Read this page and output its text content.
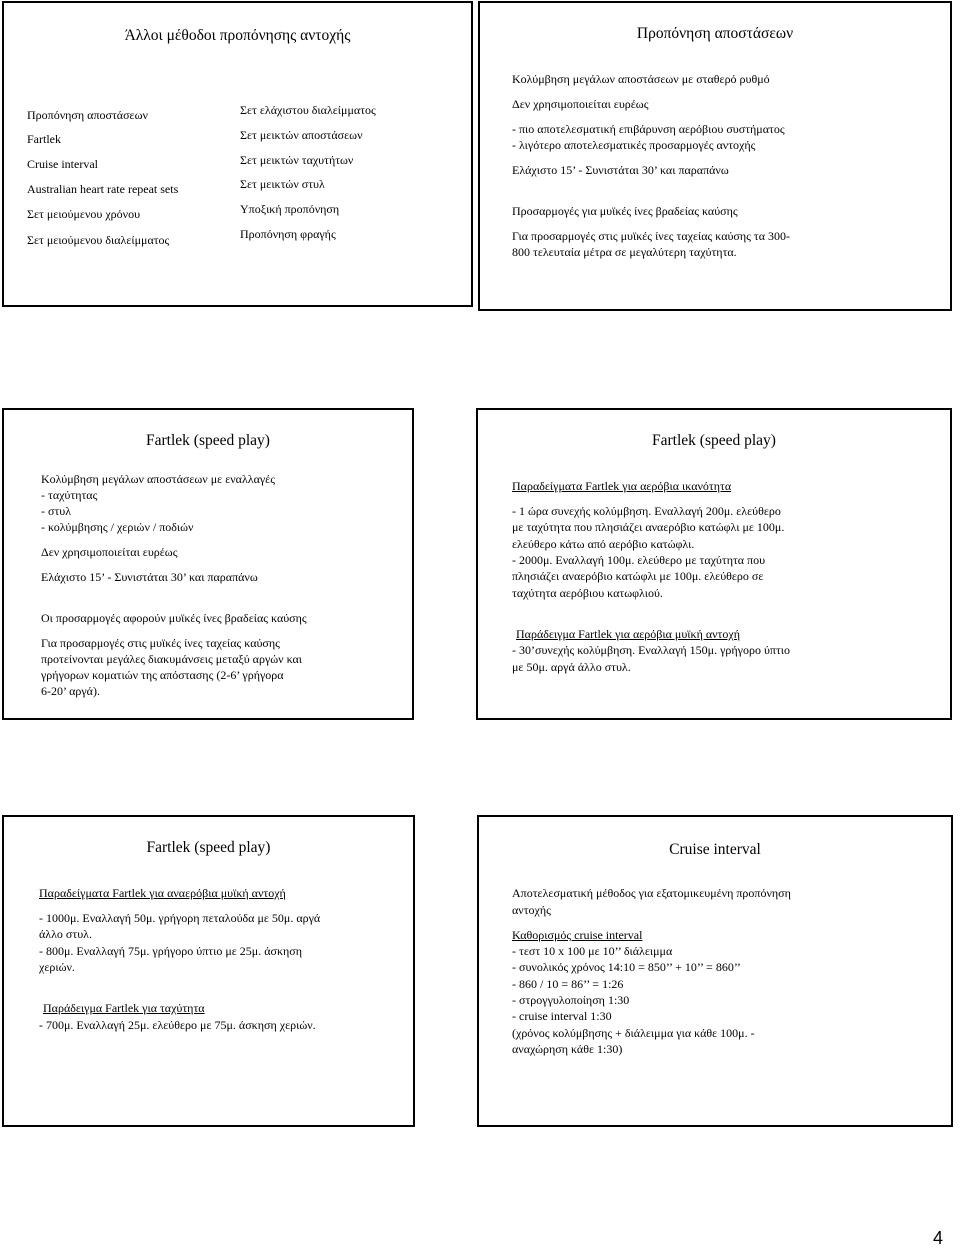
Άλλοι μέθοδοι προπόνησης αντοχής
Προπόνηση αποστάσεων
Fartlek
Cruise interval
Australian heart rate repeat sets
Σετ μειούμενου χρόνου
Σετ μειούμενου διαλείμματος
Σετ ελάχιστου διαλείμματος
Σετ μεικτών αποστάσεων
Σετ μεικτών ταχυτήτων
Σετ μεικτών στυλ
Υποξική προπόνηση
Προπόνηση φραγής
Προπόνηση αποστάσεων
Κολύμβηση μεγάλων αποστάσεων με σταθερό ρυθμό
Δεν χρησιμοποιείται ευρέως
- πιο αποτελεσματική επιβάρυνση αερόβιου συστήματος
- λιγότερο αποτελεσματικές προσαρμογές αντοχής
Ελάχιστο 15’ - Συνιστάται 30’ και παραπάνω
Προσαρμογές για μυϊκές ίνες βραδείας καύσης
Για προσαρμογές στις μυϊκές ίνες ταχείας καύσης τα 300-
800 τελευταία μέτρα σε μεγαλύτερη ταχύτητα.
Fartlek (speed play)
Κολύμβηση μεγάλων αποστάσεων με εναλλαγές
- ταχύτητας
- στυλ
- κολύμβησης / χεριών / ποδιών
Δεν χρησιμοποιείται ευρέως
Ελάχιστο 15’ - Συνιστάται 30’ και παραπάνω
Οι προσαρμογές αφορούν μυϊκές ίνες βραδείας καύσης
Για προσαρμογές στις μυϊκές ίνες ταχείας καύσης
προτείνονται μεγάλες διακυμάνσεις μεταξύ αργών και
γρήγορων κοματιών της απόστασης (2-6’ γρήγορα
6-20’ αργά).
Fartlek (speed play)
Παραδείγματα Fartlek για αερόβια ικανότητα
- 1 ώρα συνεχής κολύμβηση. Εναλλαγή 200μ. ελεύθερο
με ταχύτητα που πλησιάζει αναερόβιο κατώφλι με 100μ.
ελεύθερο κάτω από αερόβιο κατώφλι.
- 2000μ. Εναλλαγή 100μ. ελεύθερο με ταχύτητα που
πλησιάζει αναερόβιο κατώφλι με 100μ. ελεύθερο σε
ταχύτητα αερόβιου κατωφλιού.
Παράδειγμα Fartlek για αερόβια μυϊκή αντοχή
- 30’συνεχής κολύμβηση. Εναλλαγή 150μ. γρήγορο ύπτιο
με 50μ. αργά άλλο στυλ.
Fartlek (speed play)
Παραδείγματα Fartlek για αναερόβια μυϊκή αντοχή
- 1000μ. Εναλλαγή 50μ. γρήγορη πεταλούδα με 50μ. αργά
άλλο στυλ.
- 800μ. Εναλλαγή 75μ. γρήγορο ύπτιο με 25μ. άσκηση
χεριών.
Παράδειγμα Fartlek για ταχύτητα
- 700μ. Εναλλαγή 25μ. ελεύθερο με 75μ. άσκηση χεριών.
Cruise interval
Αποτελεσματική μέθοδος για εξατομικευμένη προπόνηση
αντοχής
Καθορισμός cruise interval
- τεστ 10 x 100 με 10’’ διάλειμμα
- συνολικός χρόνος 14:10 = 850’’ + 10’’ = 860’’
- 860 / 10 = 86’’ = 1:26
- στρογγυλοποίηση 1:30
- cruise interval 1:30
(χρόνος κολύμβησης + διάλειμμα για κάθε 100μ. -
αναχώρηση κάθε 1:30)
4
